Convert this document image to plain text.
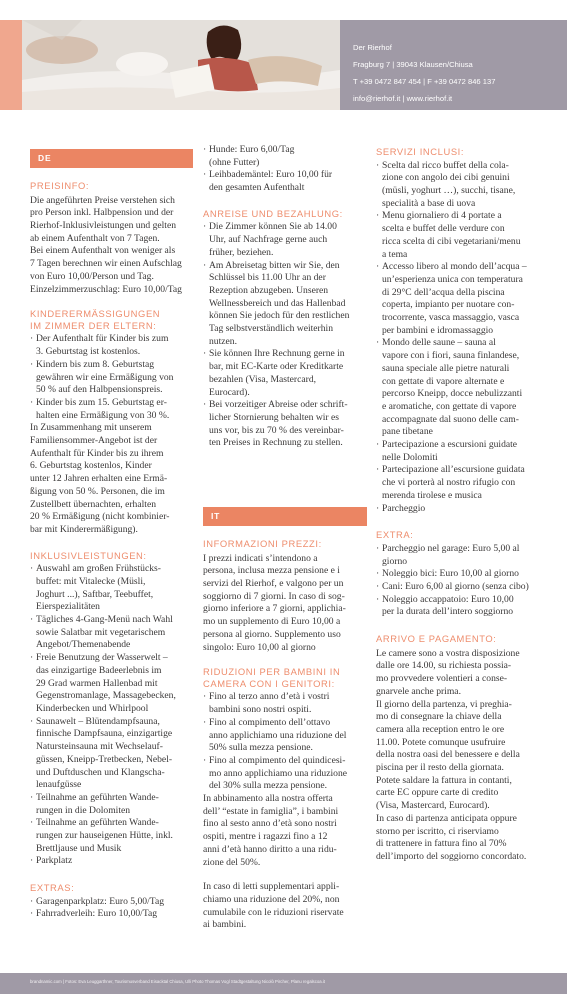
Der Rierhof
Fragburg 7 | 39043 Klausen/Chiusa
T +39 0472 847 454 | F +39 0472 846 137
info@rierhof.it | www.rierhof.it
DE
PREISINFO:

Die angeführten Preise verstehen sich

pro Person inkl. Halbpension und der

Rierhof-Inklusivleistungen und gelten

ab einem Aufenthalt von 7 Tagen.

Bei einem Aufenthalt von weniger als

7 Tagen berechnen wir einen Aufschlag

von Euro 10,00/Person und Tag.

Einzelzimmerzuschlag: Euro 10,00/Tag

KINDERERMÄSSIGUNGEN
IM ZIMMER DER ELTERN:

· Der Aufenthalt für Kinder bis zum

3. Geburtstag ist kostenlos.

· Kindern bis zum 8. Geburtstag

gewähren wir eine Ermäßigung von

50 % auf den Halbpensionspreis.

· Kinder bis zum 15. Geburtstag er-

halten eine Ermäßigung von 30 %.

In Zusammenhang mit unserem

Familiensommer-Angebot ist der

Aufenthalt für Kinder bis zu ihrem

6. Geburtstag kostenlos, Kinder

unter 12 Jahren erhalten eine Ermä-

ßigung von 50 %. Personen, die im

Zustellbett übernachten, erhalten

20 % Ermäßigung (nicht kombinier-

bar mit Kinderermäßigung).

INKLUSIVLEISTUNGEN:

· Auswahl am großen Frühstücks-

buffet: mit Vitalecke (Müsli,

Joghurt ...), Saftbar, Teebuffet,

Eierspezialitäten

· Tägliches 4-Gang-Menü nach Wahl

sowie Salatbar mit vegetarischem

Angebot/Themenabende

· Freie Benutzung der Wasserwelt –

das einzigartige Badeerlebnis im

29 Grad warmen Hallenbad mit

Gegenstromanlage, Massagebecken,

Kinderbecken und Whirlpool

· Saunawelt – Blütendampfsauna,

finnische Dampfsauna, einzigartige

Natursteinsauna mit Wechselauf-

güssen, Kneipp-Tretbecken, Nebel-

und Duftduschen und Klangscha-

lenaufgüsse

· Teilnahme an geführten Wande-

rungen in die Dolomiten

· Teilnahme an geführten Wande-

rungen zur hauseigenen Hütte, inkl.

Brettljause und Musik

· Parkplatz

EXTRAS:

· Garagenparkplatz: Euro 5,00/Tag

· Fahrradverleih: Euro 10,00/Tag

· Hunde: Euro 6,00/Tag

(ohne Futter)

· Leihbademäntel: Euro 10,00 für

den gesamten Aufenthalt

ANREISE UND BEZAHLUNG:

· Die Zimmer können Sie ab 14.00

Uhr, auf Nachfrage gerne auch

früher, beziehen.

· Am Abreisetag bitten wir Sie, den

Schlüssel bis 11.00 Uhr an der

Rezeption abzugeben. Unseren

Wellnessbereich und das Hallenbad

können Sie jedoch für den restlichen

Tag selbstverständlich weiterhin

nutzen.

· Sie können Ihre Rechnung gerne in

bar, mit EC-Karte oder Kreditkarte

bezahlen (Visa, Mastercard,

Eurocard).

· Bei vorzeitiger Abreise oder schrift-

licher Stornierung behalten wir es

uns vor, bis zu 70 % des vereinbar-

ten Preises in Rechnung zu stellen.

IT
INFORMAZIONI PREZZI:

I prezzi indicati s’intendono a

persona, inclusa mezza pensione e i

servizi del Rierhof, e valgono per un

soggiorno di 7 giorni. In caso di sog-

giorno inferiore a 7 giorni, applichia-

mo un supplemento di Euro 10,00 a

persona al giorno. Supplemento uso

singolo: Euro 10,00 al giorno

RIDUZIONI PER BAMBINI IN
CAMERA CON I GENITORI:

· Fino al terzo anno d’età i vostri

bambini sono nostri ospiti.

· Fino al compimento dell’ottavo

anno applichiamo una riduzione del

50% sulla mezza pensione.

· Fino al compimento del quindicesi-

mo anno applichiamo una riduzione

del 30% sulla mezza pensione.

In abbinamento alla nostra offerta

dell’ “estate in famiglia”, i bambini

fino al sesto anno d’età sono nostri

ospiti, mentre i ragazzi fino a 12

anni d’età hanno diritto a una ridu-

zione del 50%.

In caso di letti supplementari appli-

chiamo una riduzione del 20%, non

cumulabile con le riduzioni riservate

ai bambini.

SERVIZI INCLUSI:

· Scelta dal ricco buffet della cola-

zione con angolo dei cibi genuini

(müsli, yoghurt …), succhi, tisane,

specialità a base di uova

· Menu giornaliero di 4 portate a

scelta e buffet delle verdure con

ricca scelta di cibi vegetariani/menu

a tema

· Accesso libero al mondo dell’acqua –

un’esperienza unica con temperatura

di 29°C dell’acqua della piscina

coperta, impianto per nuotare con-

trocorrente, vasca massaggio, vasca

per bambini e idromassaggio

· Mondo delle saune – sauna al

vapore con i fiori, sauna finlandese,

sauna speciale alle pietre naturali

con gettate di vapore alternate e

percorso Kneipp, docce nebulizzanti

e aromatiche, con gettate di vapore

accompagnate dal suono delle cam-

pane tibetane

· Partecipazione a escursioni guidate

nelle Dolomiti

· Partecipazione all’escursione guidata

che vi porterà al nostro rifugio con

merenda tirolese e musica

· Parcheggio

EXTRA:

· Parcheggio nel garage: Euro 5,00 al

giorno

· Noleggio bici: Euro 10,00 al giorno

· Cani: Euro 6,00 al giorno (senza cibo)

· Noleggio accappatoio: Euro 10,00

per la durata dell’intero soggiorno

ARRIVO E PAGAMENTO:

Le camere sono a vostra disposizione

dalle ore 14.00, su richiesta possia-

mo provvedere volentieri a conse-

gnarvele anche prima.

Il giorno della partenza, vi preghia-

mo di consegnare la chiave della

camera alla reception entro le ore

11.00. Potete comunque usufruire

della nostra oasi del benessere e della

piscina per il resto della giornata.

Potete saldare la fattura in contanti,

carte EC oppure carte di credito

(Visa, Mastercard, Eurocard).

In caso di partenza anticipata oppure

storno per iscritto, ci riserviamo

di trattenere in fattura fino al 70%

dell’importo del soggiorno concordato.

brandnamic.com | Fotos: Eva Leuggarthner, Tourismusverband Eisacktal Chiusa, Ulli Photo Thomas Vogl Stadtgestaltung Nicolò Pircher, Planu regalscoa.it
